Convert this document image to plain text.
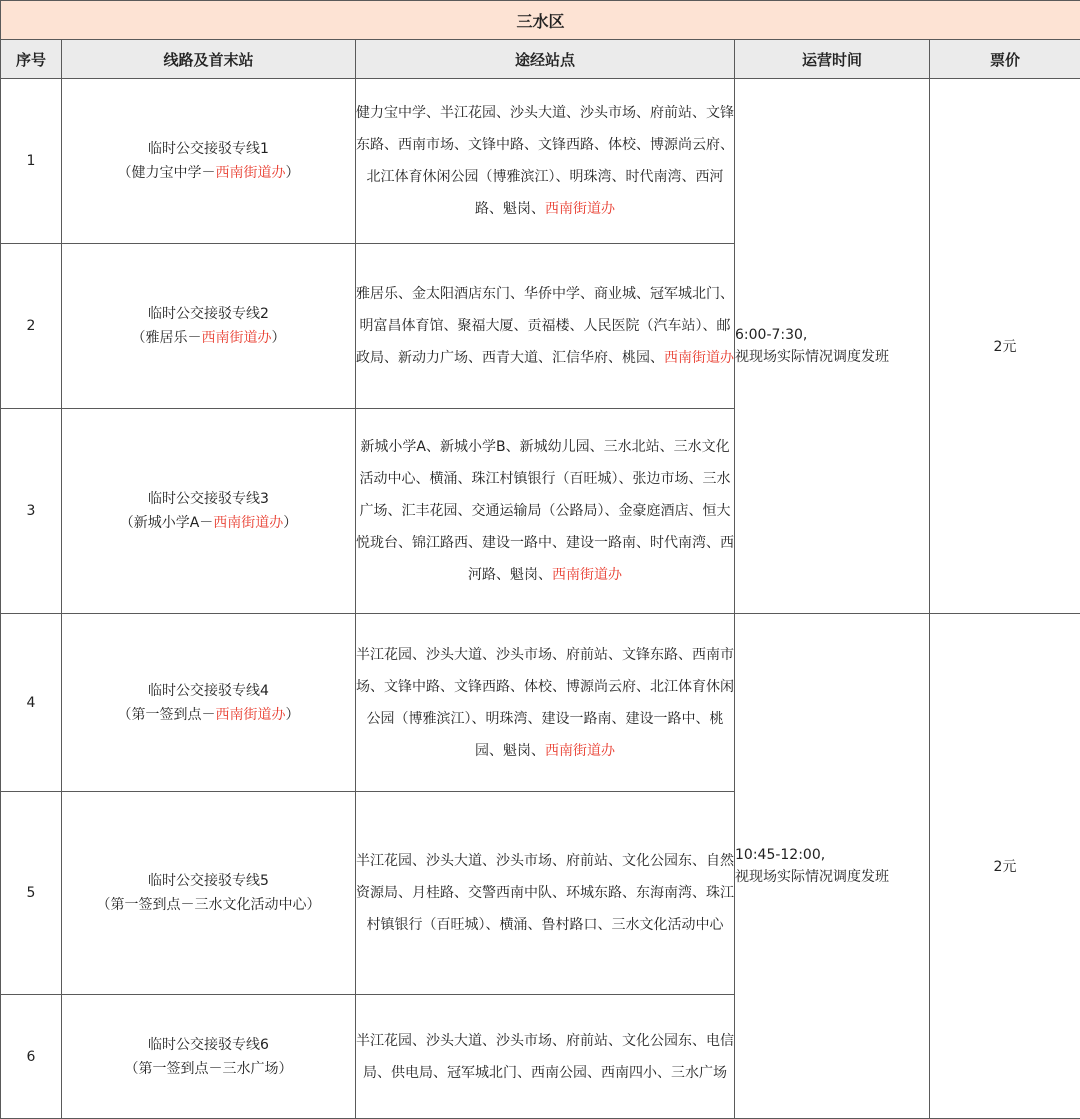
三水区				
序号	线路及首末站	途经站点	运营时间	票价
1	临时公交接驳专线1
（健力宝中学－西南街道办）	健力宝中学、半江花园、沙头大道、沙头市场、府前站、文锋东路、西南市场、文锋中路、文锋西路、体校、博源尚云府、北江体育休闲公园（博雅滨江）、明珠湾、时代南湾、西河路、魁岗、西南街道办	6:00-7:30,
视现场实际情况调度发班	2元
2	临时公交接驳专线2
（雅居乐－西南街道办）	雅居乐、金太阳酒店东门、华侨中学、商业城、冠军城北门、明富昌体育馆、聚福大厦、贡福楼、人民医院（汽车站）、邮政局、新动力广场、西青大道、汇信华府、桃园、西南街道办		
3	临时公交接驳专线3
（新城小学A－西南街道办）	新城小学A、新城小学B、新城幼儿园、三水北站、三水文化活动中心、横涌、珠江村镇银行（百旺城）、张边市场、三水广场、汇丰花园、交通运输局（公路局）、金豪庭酒店、恒大悦珑台、锦江路西、建设一路中、建设一路南、时代南湾、西河路、魁岗、西南街道办		
4	临时公交接驳专线4
（第一签到点－西南街道办）	半江花园、沙头大道、沙头市场、府前站、文锋东路、西南市场、文锋中路、文锋西路、体校、博源尚云府、北江体育休闲公园（博雅滨江）、明珠湾、建设一路南、建设一路中、桃园、魁岗、西南街道办	10:45-12:00,
视现场实际情况调度发班	2元
5	临时公交接驳专线5
（第一签到点－三水文化活动中心）	半江花园、沙头大道、沙头市场、府前站、文化公园东、自然资源局、月桂路、交警西南中队、环城东路、东海南湾、珠江村镇银行（百旺城）、横涌、鲁村路口、三水文化活动中心		
6	临时公交接驳专线6
（第一签到点－三水广场）	半江花园、沙头大道、沙头市场、府前站、文化公园东、电信局、供电局、冠军城北门、西南公园、西南四小、三水广场		
